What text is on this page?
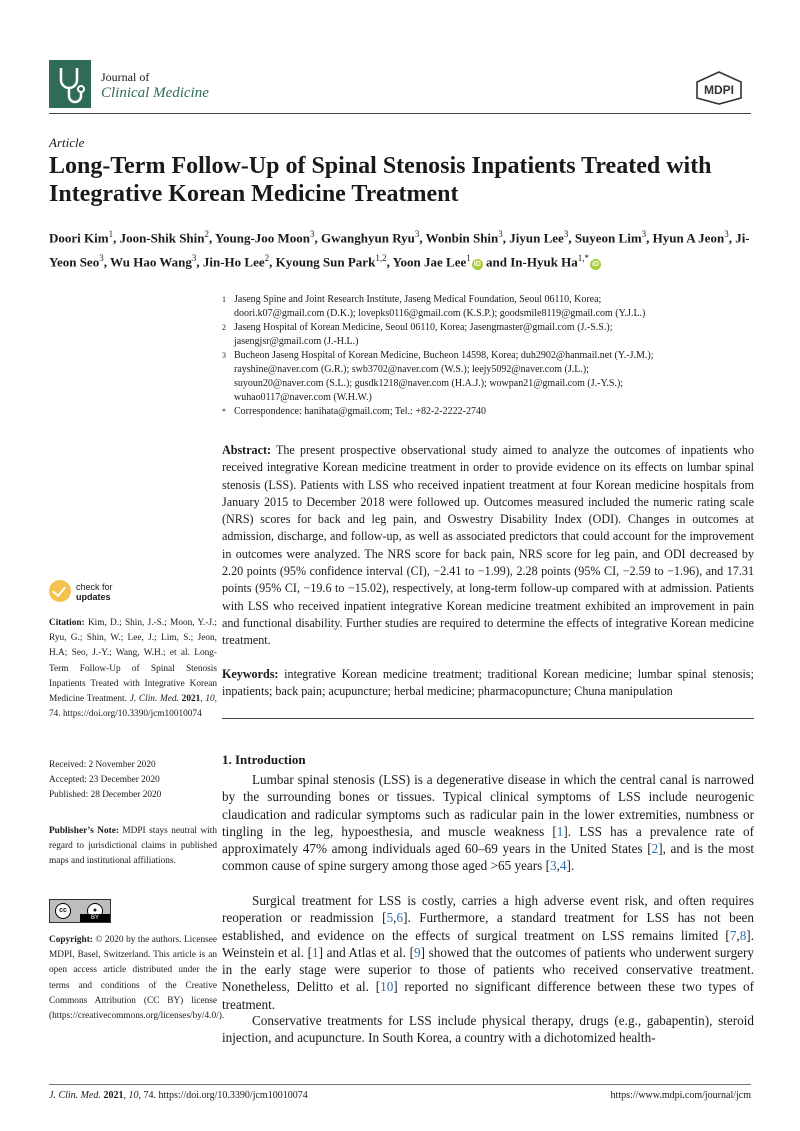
Journal of
Clinical Medicine	MDPI
Article
Long-Term Follow-Up of Spinal Stenosis Inpatients Treated with Integrative Korean Medicine Treatment
Doori Kim$^1$, Joon-Shik Shin$^2$, Young-Joo Moon$^3$, Gwanghyun Ryu$^3$, Wonbin Shin$^3$, Jiyun Lee$^3$, Suyeon Lim$^3$, Hyun A Jeon$^3$, Ji-Yeon Seo$^3$, Wu Hao Wang$^3$, Jin-Ho Lee$^2$, Kyoung Sun Park$^{1,2}$, Yoon Jae Lee$^1$iD and In-Hyuk $Ha^{1,*}iD$
1 Jaseng Spine and Joint Research Institute, Jaseng Medical Foundation, Seoul 06110, Korea;
doori.k07@gmail.com (D.K.); lovepks0116@gmail.com (K.S.P.); goodsmile8119@gmail.com (Y.J.L.)
2 Jaseng Hospital of Korean Medicine, Seoul 06110, Korea; Jasengmaster@gmail.com (J.-S.S.);
jasengjsr@gmail.com (J.-H.L.)
3 Bucheon Jaseng Hospital of Korean Medicine, Bucheon 14598, Korea; duh2902@hanmail.net (Y.-J.M.);
rayshine@naver.com (G.R.); swb3702@naver.com (W.S.); leejy5092@naver.com (J.L.);
suyoun20@naver.com (S.L.); gusdk1218@naver.com (H.A.J.); wowpan21@gmail.com (J.-Y.S.);
wuhao0117@naver.com (W.H.W.)
* Correspondence: hanihata@gmail.com; Tel.: +82-2-2222-2740
Abstract: The present prospective observational study aimed to analyze the outcomes of inpatients who received integrative Korean medicine treatment in order to provide evidence on its effects on lumbar spinal stenosis (LSS). Patients with LSS who received inpatient treatment at four Korean medicine hospitals from January 2015 to December 2018 were followed up. Outcomes measured included the numeric rating scale (NRS) scores for back and leg pain, and Oswestry Disability Index (ODI). Changes in outcomes at admission, discharge, and follow-up, as well as associated predictors that could account for the improvement in outcomes were analyzed. The NRS score for back pain, NRS score for leg pain, and ODI decreased by 2.20 points (95% confidence interval (CI), −2.41 to −1.99), 2.28 points (95% CI, −2.59 to −1.96), and 17.31 points (95% CI, −19.6 to −15.02), respectively, at long-term follow-up compared with at admission. Patients with LSS who received inpatient integrative Korean medicine treatment exhibited an improvement in pain and functional disability. Further studies are required to determine the effects of integrative Korean medicine treatment.
Keywords: integrative Korean medicine treatment; traditional Korean medicine; lumbar spinal stenosis; inpatients; back pain; acupuncture; herbal medicine; pharmacopuncture; Chuna manipulation
check for
updates
Citation: Kim, D.; Shin, J.-S.; Moon, Y.-J.; Ryu, G.; Shin, W.; Lee, J.; Lim, S.; Jeon, H.A; Seo, J.-Y.; Wang, W.H.; et al. Long-Term Follow-Up of Spinal Stenosis Inpatients Treated with Integrative Korean Medicine Treatment. J. Clin. Med. 2021, 10, 74. https://doi.org/10.3390/jcm10010074
Received: 2 November 2020
Accepted: 23 December 2020
Published: 28 December 2020
Publisher’s Note: MDPI stays neutral with regard to jurisdictional claims in published maps and institutional affiliations.
cc	●
BY
Copyright: © 2020 by the authors. Licensee MDPI, Basel, Switzerland. This article is an open access article distributed under the terms and conditions of the Creative Commons Attribution (CC BY) license (https://creativecommons.org/licenses/by/4.0/).
1. Introduction

Lumbar spinal stenosis (LSS) is a degenerative disease in which the central canal is narrowed by the surrounding bones or tissues. Typical clinical symptoms of LSS include neurogenic claudication and radicular symptoms such as radicular pain in the lower extremities, numbness or tingling in the leg, hypoesthesia, and muscle weakness [1]. LSS has a prevalence rate of approximately 47% among individuals aged 60–69 years in the United States [2], and is the most common cause of spine surgery among those aged >65 years [3,4].

Surgical treatment for LSS is costly, carries a high adverse event risk, and often requires reoperation or readmission [5,6]. Furthermore, a standard treatment for LSS has not been established, and evidence on the effects of surgical treatment on LSS remains limited [7,8]. Weinstein et al. [1] and Atlas et al. [9] showed that the outcomes of patients who underwent surgery in the early stage were superior to those of patients who received conservative treatment. Nonetheless, Delitto et al. [10] reported no significant difference between these two types of treatment.

Conservative treatments for LSS include physical therapy, drugs (e.g., gabapentin), steroid injection, and acupuncture. In South Korea, a country with a dichotomized health-

J. Clin. Med. 2021, 10, 74. https://doi.org/10.3390/jcm10010074	https://www.mdpi.com/journal/jcm
